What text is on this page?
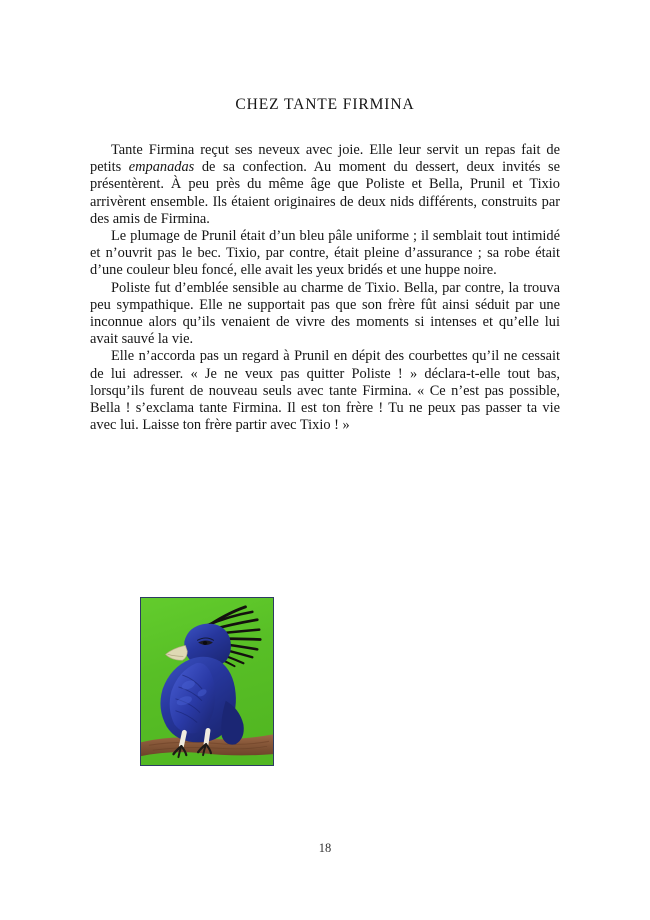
CHEZ TANTE FIRMINA

Tante Firmina reçut ses neveux avec joie. Elle leur servit un repas fait de petits empanadas de sa confection. Au moment du dessert, deux invités se présentèrent. À peu près du même âge que Poliste et Bella, Prunil et Tixio arrivèrent ensemble. Ils étaient originaires de deux nids différents, construits par des amis de Firmina.

Le plumage de Prunil était d’un bleu pâle uniforme ; il semblait tout intimidé et n’ouvrit pas le bec. Tixio, par contre, était pleine d’assurance ; sa robe était d’une couleur bleu foncé, elle avait les yeux bridés et une huppe noire.

Poliste fut d’emblée sensible au charme de Tixio. Bella, par contre, la trouva peu sympathique. Elle ne supportait pas que son frère fût ainsi séduit par une inconnue alors qu’ils venaient de vivre des moments si intenses et qu’elle lui avait sauvé la vie.

Elle n’accorda pas un regard à Prunil en dépit des courbettes qu’il ne cessait de lui adresser. « Je ne veux pas quitter Poliste ! » déclara-t-elle tout bas, lorsqu’ils furent de nouveau seuls avec tante Firmina. « Ce n’est pas possible, Bella ! s’exclama tante Firmina. Il est ton frère ! Tu ne peux pas passer ta vie avec lui. Laisse ton frère partir avec Tixio ! »

18
